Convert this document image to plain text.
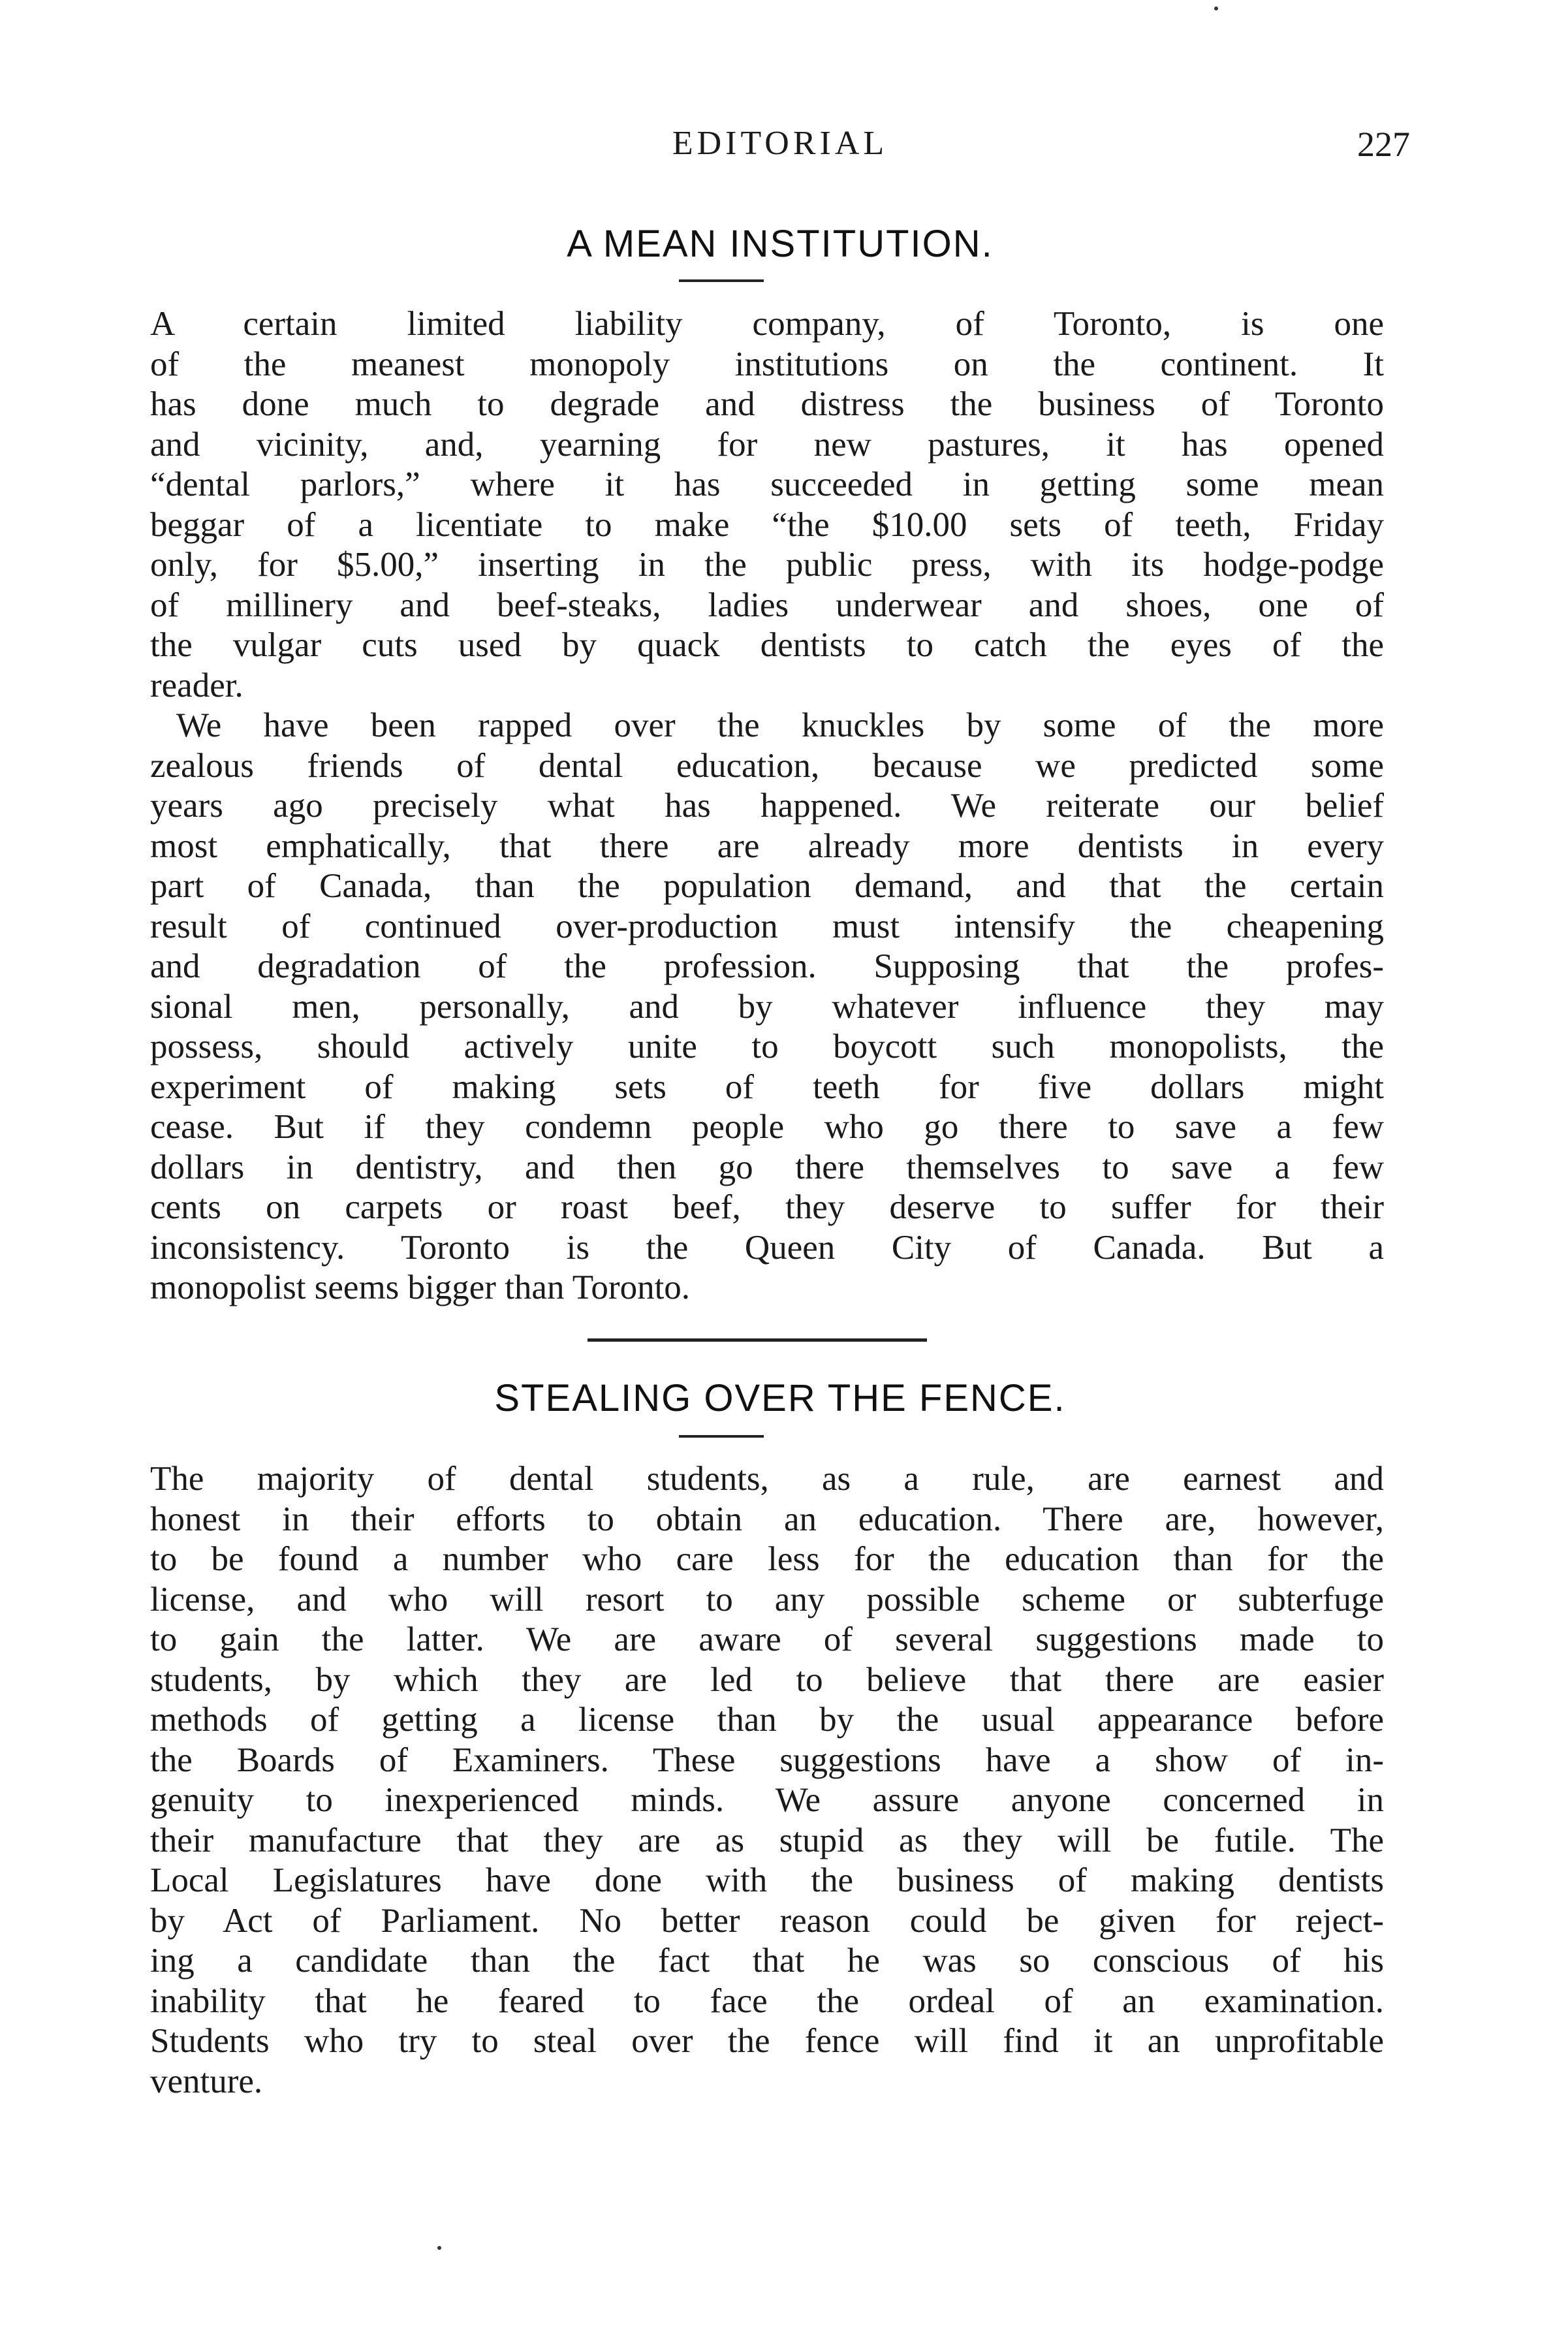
EDITORIAL	227
A MEAN INSTITUTION.
A certain limited liability company, of Toronto, is one
of the meanest monopoly institutions on the continent. It
has done much to degrade and distress the business of Toronto
and vicinity, and, yearning for new pastures, it has opened
“dental parlors,” where it has succeeded in getting some mean
beggar of a licentiate to make “the $10.00 sets of teeth, Friday
only, for $5.00,” inserting in the public press, with its hodge-podge
of millinery and beef-steaks, ladies underwear and shoes, one of
the vulgar cuts used by quack dentists to catch the eyes of the
reader.
We have been rapped over the knuckles by some of the more
zealous friends of dental education, because we predicted some
years ago precisely what has happened. We reiterate our belief
most emphatically, that there are already more dentists in every
part of Canada, than the population demand, and that the certain
result of continued over-production must intensify the cheapening
and degradation of the profession. Supposing that the profes-
sional men, personally, and by whatever influence they may
possess, should actively unite to boycott such monopolists, the
experiment of making sets of teeth for five dollars might
cease. But if they condemn people who go there to save a few
dollars in dentistry, and then go there themselves to save a few
cents on carpets or roast beef, they deserve to suffer for their
inconsistency. Toronto is the Queen City of Canada. But a
monopolist seems bigger than Toronto.
STEALING OVER THE FENCE.
The majority of dental students, as a rule, are earnest and
honest in their efforts to obtain an education. There are, however,
to be found a number who care less for the education than for the
license, and who will resort to any possible scheme or subterfuge
to gain the latter. We are aware of several suggestions made to
students, by which they are led to believe that there are easier
methods of getting a license than by the usual appearance before
the Boards of Examiners. These suggestions have a show of in-
genuity to inexperienced minds. We assure anyone concerned in
their manufacture that they are as stupid as they will be futile. The
Local Legislatures have done with the business of making dentists
by Act of Parliament. No better reason could be given for reject-
ing a candidate than the fact that he was so conscious of his
inability that he feared to face the ordeal of an examination.
Students who try to steal over the fence will find it an unprofitable
venture.
